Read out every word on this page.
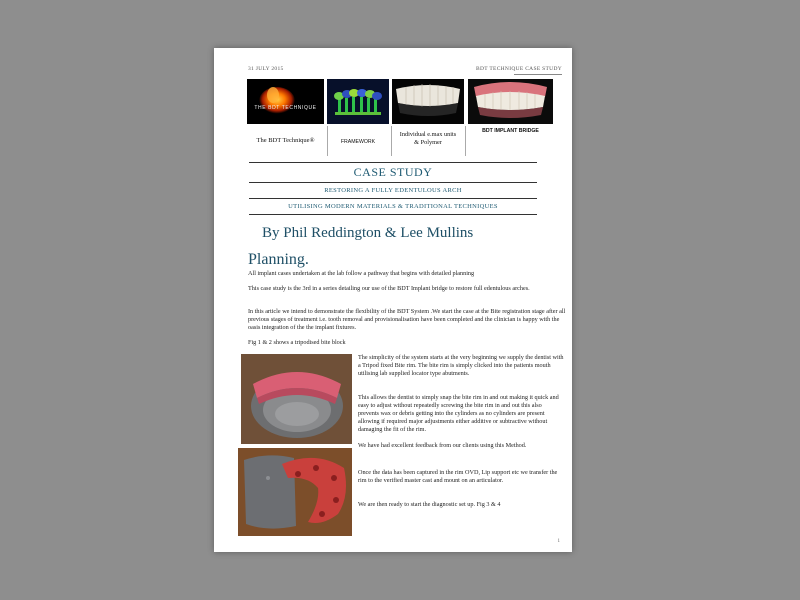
31 JULY 2015	BDT TECHNIQUE CASE STUDY
THE BDT TECHNIQUE
The BDT Technique®	FRAMEWORK
Individual e.max units & Polymer
BDT IMPLANT BRIDGE
CASE STUDY
RESTORING A FULLY EDENTULOUS ARCH
UTILISING MODERN MATERIALS & TRADITIONAL TECHNIQUES
By Phil Reddington & Lee Mullins
Planning.

All implant cases undertaken at the lab follow a pathway that begins with detailed planning

This case study is the 3rd in a series detailing our use of the BDT Implant bridge to restore full edentulous arches.

In this article we intend to demonstrate the flexibility of the BDT System .We start the case at the Bite registration stage after all previous stages of treatment i.e. tooth removal and provisionalisation have been completed and the clinician is happy with the oasis integration of the the implant fixtures.

Fig 1 & 2 shows a tripodised bite block

The simplicity of the system starts at the very beginning we supply the dentist with a Tripod fixed Bite rim. The bite rim is simply clicked into the patients mouth utilising lab supplied locator type abutments.

This allows the dentist to simply snap the bite rim in and out making it quick and easy to adjust without repeatedly screwing the bite rim in and out this also prevents wax or debris getting into the cylinders as no cylinders are present allowing if required major adjustments either additive or subtractive without damaging the fit of the rim.

We have had excellent feedback from our clients using this Method.

Once the data has been captured in the rim OVD, Lip support etc we transfer the rim to the verified master cast and mount on an articulator.

We are then ready to start the diagnostic set up. Fig 3 & 4

1
